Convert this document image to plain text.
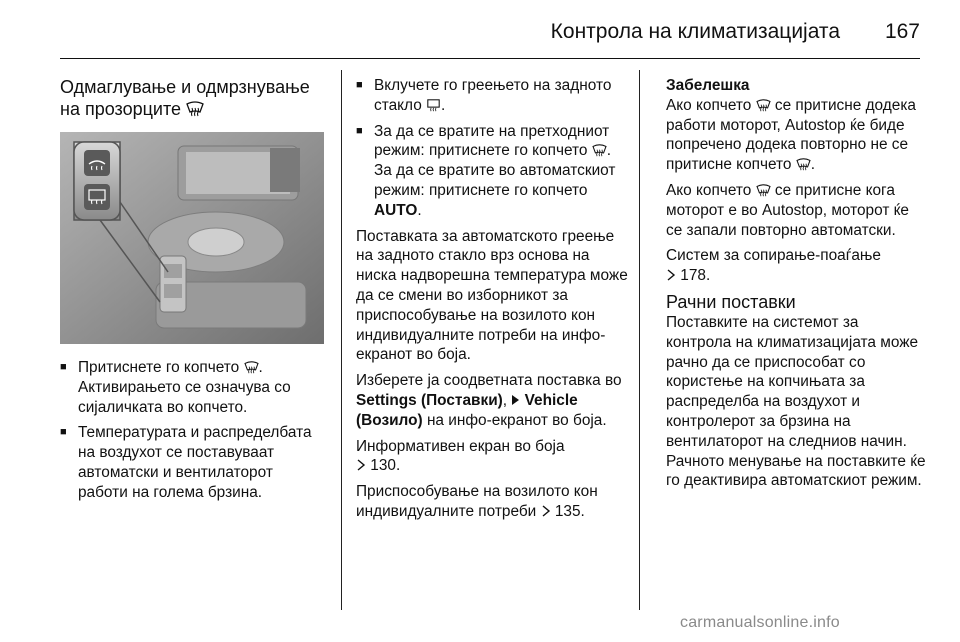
Контрола на климатизацијата 167
Одмаглување и одмрзнување
на прозорците
■ Притиснете го копчето .
Активирањето се означува со сијаличката во копчето.
■ Температурата и распределбата на воздухот се поставуваат автоматски и вентилаторот работи на голема брзина.
■ Вклучете го греењето на задното стакло .
■ За да се вратите на претходниот режим: притиснете го копчето . За да се вратите во автоматскиот режим: притиснете го копчето AUTO.

Поставката за автоматското греење на задното стакло врз основа на ниска надворешна температура може да се смени во изборникот за приспособување на возилото кон индивидуалните потреби на инфо-екранот во боја.

Изберете ја соодветната поставка во Settings (Поставки), Vehicle (Возило) на инфо-екранот во боја.

Информативен екран во боја
130.

Приспособување на возилото кон индивидуалните потреби 135.

Забелешка

Ако копчето се притисне додека работи моторот, Autostop ќе биде попречено додека повторно не се притисне копчето .

Ако копчето се притисне кога моторот е во Autostop, моторот ќе се запали повторно автоматски.

Систем за сопирање-поаѓање
178.

Рачни поставки

Поставките на системот за контрола на климатизацијата може рачно да се приспособат со користење на копчињата за распределба на воздухот и контролерот за брзина на вентилаторот на следниов начин. Рачното менување на поставките ќе го деактивира автоматскиот режим.

carmanualsonline.info
